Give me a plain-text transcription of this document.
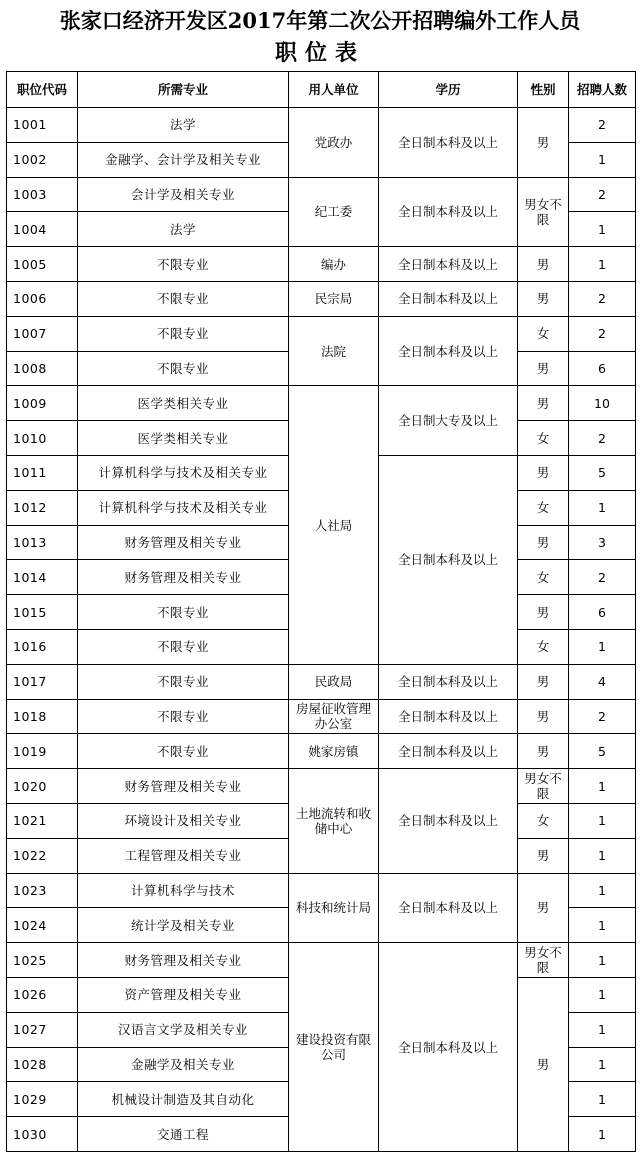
张家口经济开发区2017年第二次公开招聘编外工作人员
职位表
职位代码	所需专业	用人单位	学历	性别	招聘人数
1001	法学	党政办	全日制本科及以上	男	2
1002	金融学、会计学及相关专业				1
1003	会计学及相关专业	纪工委	全日制本科及以上	男女不限	2
1004	法学				1
1005	不限专业	编办	全日制本科及以上	男	1
1006	不限专业	民宗局	全日制本科及以上	男	2
1007	不限专业	法院	全日制本科及以上	女	2
1008	不限专业			男	6
1009	医学类相关专业	人社局	全日制大专及以上	男	10
1010	医学类相关专业			女	2
1011	计算机科学与技术及相关专业		全日制本科及以上	男	5
1012	计算机科学与技术及相关专业			女	1
1013	财务管理及相关专业			男	3
1014	财务管理及相关专业			女	2
1015	不限专业			男	6
1016	不限专业			女	1
1017	不限专业	民政局	全日制本科及以上	男	4
1018	不限专业	房屋征收管理办公室	全日制本科及以上	男	2
1019	不限专业	姚家房镇	全日制本科及以上	男	5
1020	财务管理及相关专业	土地流转和收储中心	全日制本科及以上	男女不限	1
1021	环境设计及相关专业			女	1
1022	工程管理及相关专业			男	1
1023	计算机科学与技术	科技和统计局	全日制本科及以上	男	1
1024	统计学及相关专业				1
1025	财务管理及相关专业	建设投资有限公司	全日制本科及以上	男女不限	1
1026	资产管理及相关专业			男	1
1027	汉语言文学及相关专业				1
1028	金融学及相关专业				1
1029	机械设计制造及其自动化				1
1030	交通工程				1
